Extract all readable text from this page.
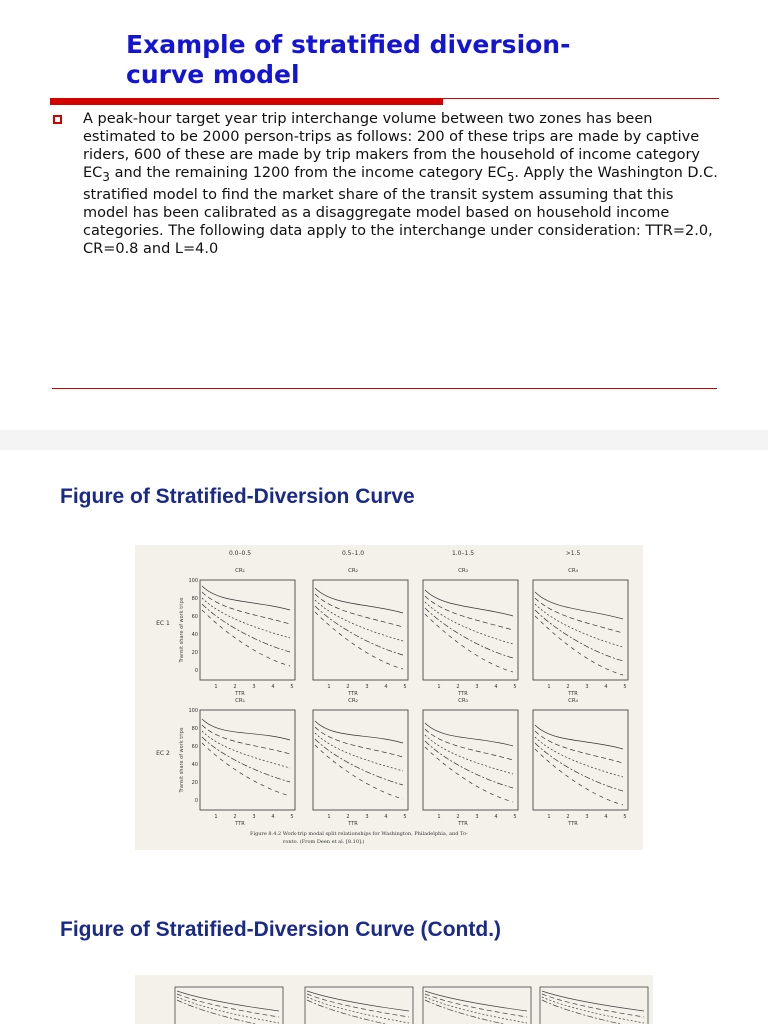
Example of stratified diversion-
curve model

A peak-hour target year trip interchange volume between two zones has been estimated to be 2000 person-trips as follows: 200 of these trips are made by captive riders, 600 of these are made by trip makers from the household of income category $EC_3$ and the remaining 1200 from the income category $EC_5$. Apply the Washington D.C. stratified model to find the market share of the transit system assuming that this model has been calibrated as a disaggregate model based on household income categories. The following data apply to the interchange under consideration: TTR=2.0, CR=0.8 and L=4.0

Figure of Stratified-Diversion Curve
0.0–0.5	0.5–1.0	1.0–1.5	>1.5
EC 1 Transit share of work trips
CR₁
100
80
60
40
20
0
1	2	3	4	5
TTR
CR₂
1	2	3	4	5
TTR
CR₃
1	2	3	4	5
TTR
CR₄
1	2	3	4	5
TTR
EC 2 Transit share of work trips
CR₁
100
80
60
40
20
0
1	2	3	4	5
TTR
CR₂
1	2	3	4	5
TTR
CR₃
1	2	3	4	5
TTR
CR₄
1	2	3	4	5
TTR
Figure 8.4.2 Work-trip modal split relationships for Washington, Philadelphia, and To-
ronto. (From Deen et al. [8.10].)
Figure of Stratified-Diversion Curve (Contd.)
